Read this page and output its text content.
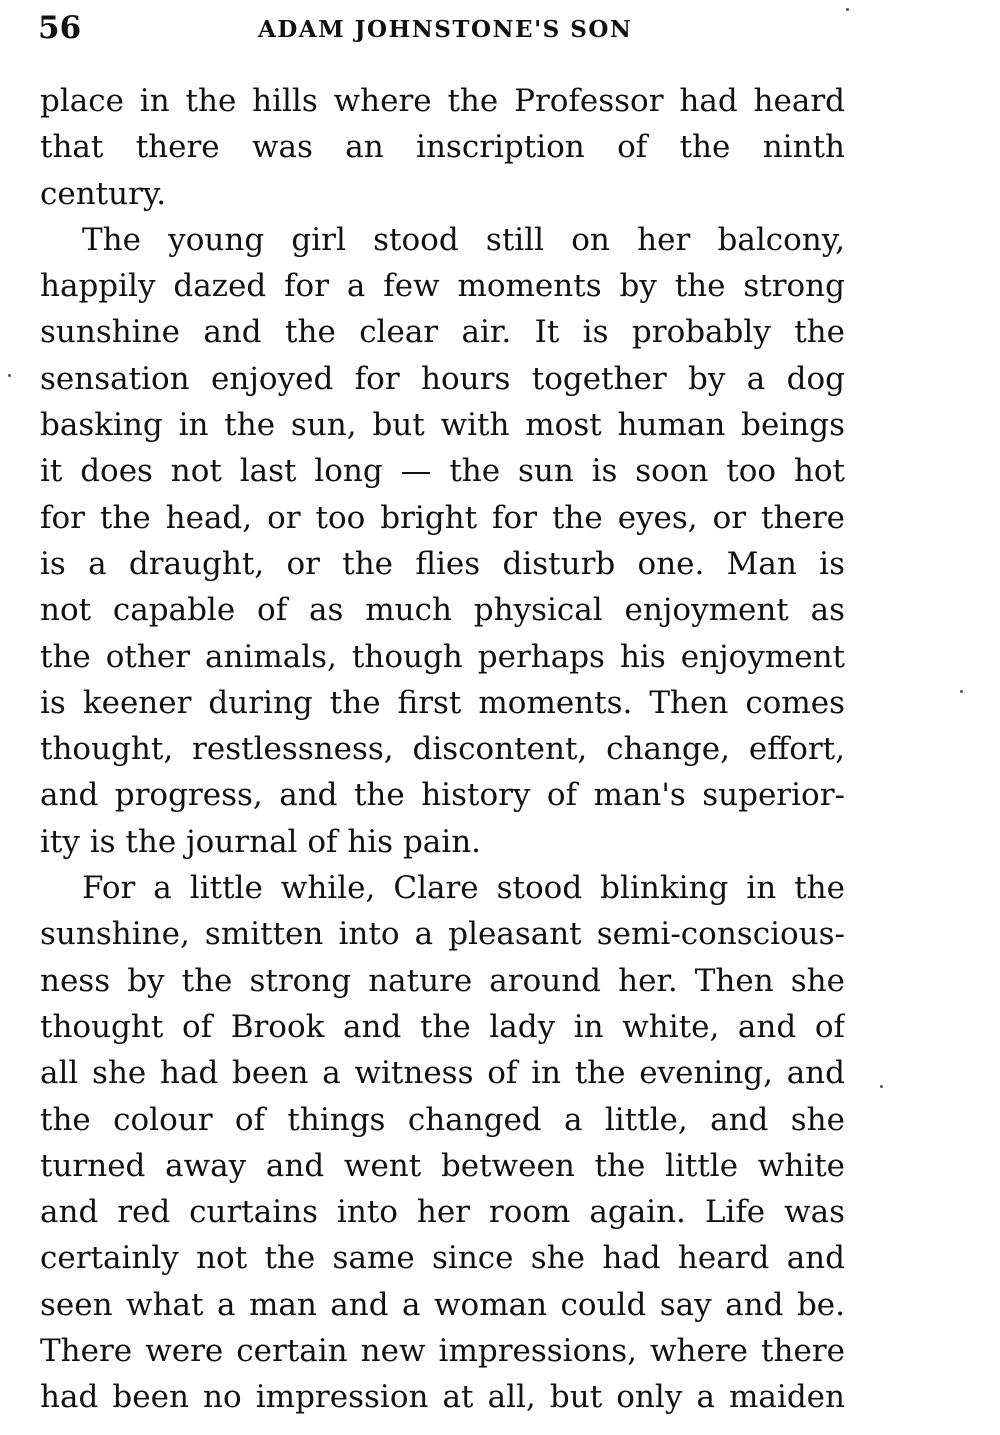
56	ADAM JOHNSTONE'S SON
place in the hills where the Professor had heard
that there was an inscription of the ninth
century.
The young girl stood still on her balcony,
happily dazed for a few moments by the strong
sunshine and the clear air. It is probably the
sensation enjoyed for hours together by a dog
basking in the sun, but with most human beings
it does not last long — the sun is soon too hot
for the head, or too bright for the eyes, or there
is a draught, or the flies disturb one. Man is
not capable of as much physical enjoyment as
the other animals, though perhaps his enjoyment
is keener during the first moments. Then comes
thought, restlessness, discontent, change, effort,
and progress, and the history of man's superior-
ity is the journal of his pain.
For a little while, Clare stood blinking in the
sunshine, smitten into a pleasant semi-conscious-
ness by the strong nature around her. Then she
thought of Brook and the lady in white, and of
all she had been a witness of in the evening, and
the colour of things changed a little, and she
turned away and went between the little white
and red curtains into her room again. Life was
certainly not the same since she had heard and
seen what a man and a woman could say and be.
There were certain new impressions, where there
had been no impression at all, but only a maiden
